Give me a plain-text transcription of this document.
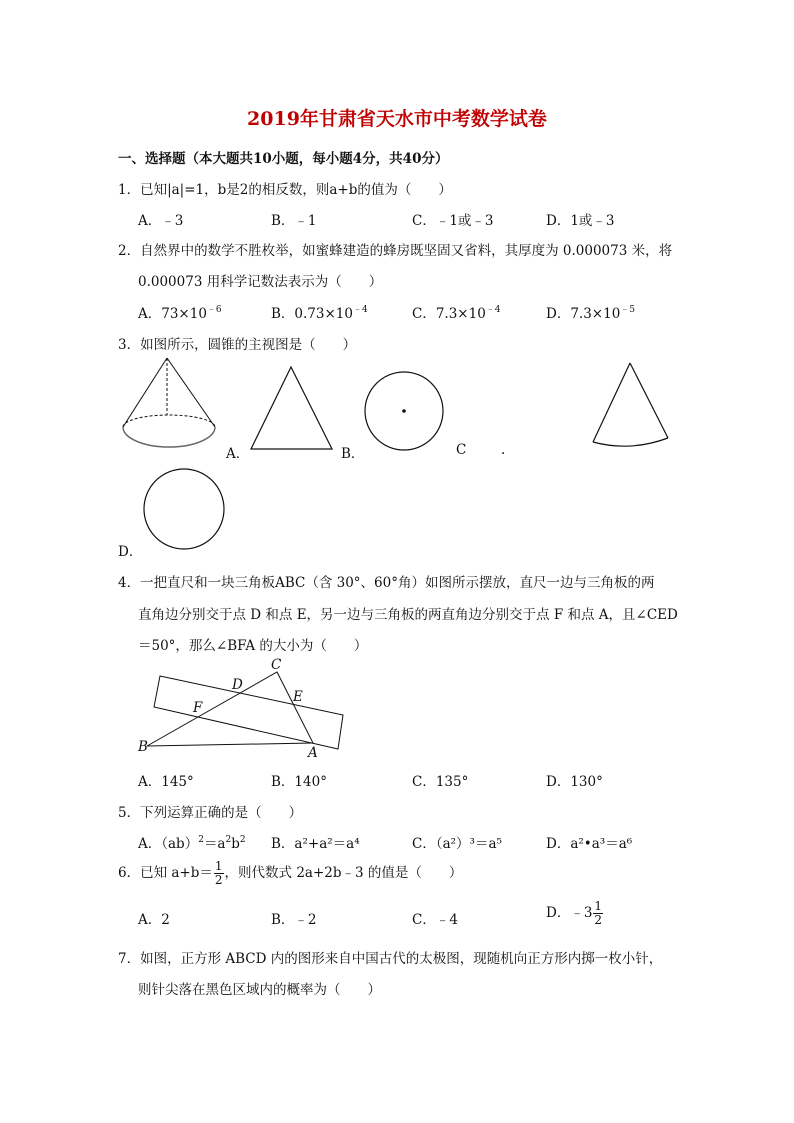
2019年甘肃省天水市中考数学试卷
一、选择题（本大题共10小题，每小题4分，共40分）
1．已知|a|=1，b是2的相反数，则a+b的值为（　　）
A．﹣3	B．﹣1	C．﹣1或﹣3	D．1或﹣3
2．自然界中的数学不胜枚举，如蜜蜂建造的蜂房既坚固又省料，其厚度为 0.000073 米，将
0.000073 用科学记数法表示为（　　）
A．$73\times 10^{﹣6}$	B．$0.73\times 10^{﹣4}$	C．$7.3\times 10^{﹣4}$	D．$7.3\times 10^{﹣5}$
3．如图所示，圆锥的主视图是（　　）
A．	B．	C	.
D．
4．一把直尺和一块三角板ABC（含 30°、60°角）如图所示摆放，直尺一边与三角板的两
直角边分别交于点 D 和点 E，另一边与三角板的两直角边分别交于点 F 和点 A，且∠CED
＝50°，那么∠BFA 的大小为（　　）
C
D
E
F
B	A
A．145°	B．140°	C．135°	D．130°
5．下列运算正确的是（　　）
A．$(ab)^2=a^2b^2$ B．a²+a²＝a⁴	C．（a²）³＝a⁵	D．a²•a³＝a⁶
6．已知 $a+b= \frac{1}{2}$ ，则代数式 2a+2b﹣3 的值是（　　）
A．2	B．﹣2	C．﹣4	D．﹣3 $\frac{1}{2}$
7．如图，正方形 ABCD 内的图形来自中国古代的太极图，现随机向正方形内掷一枚小针，
则针尖落在黑色区域内的概率为（　　）
